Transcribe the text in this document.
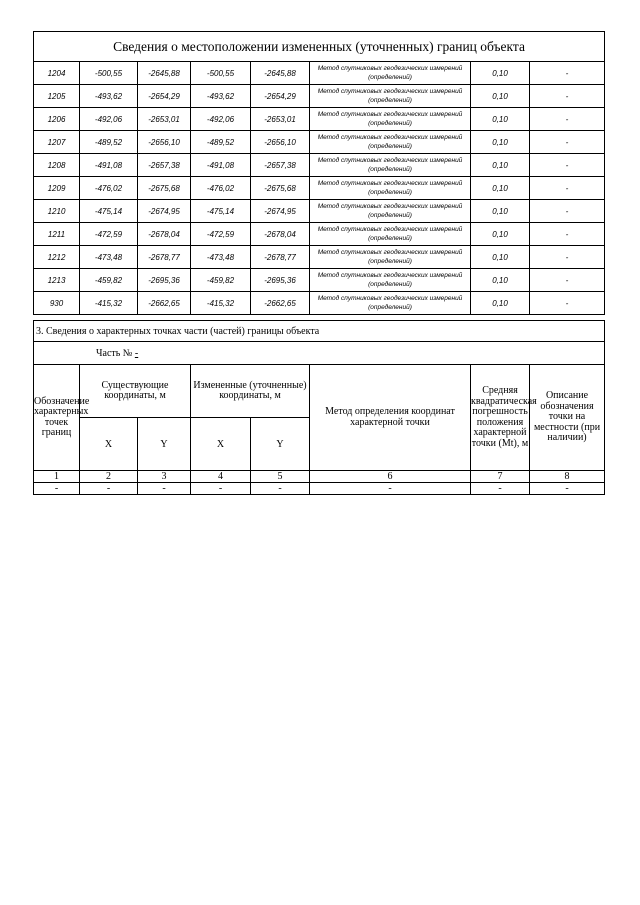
Сведения о местоположении измененных (уточненных) границ объекта							
1204	-500,55	-2645,88	-500,55	-2645,88	Метод спутниковых геодезических измерений (определений)	0,10	-
1205	-493,62	-2654,29	-493,62	-2654,29	Метод спутниковых геодезических измерений (определений)	0,10	-
1206	-492,06	-2653,01	-492,06	-2653,01	Метод спутниковых геодезических измерений (определений)	0,10	-
1207	-489,52	-2656,10	-489,52	-2656,10	Метод спутниковых геодезических измерений (определений)	0,10	-
1208	-491,08	-2657,38	-491,08	-2657,38	Метод спутниковых геодезических измерений (определений)	0,10	-
1209	-476,02	-2675,68	-476,02	-2675,68	Метод спутниковых геодезических измерений (определений)	0,10	-
1210	-475,14	-2674,95	-475,14	-2674,95	Метод спутниковых геодезических измерений (определений)	0,10	-
1211	-472,59	-2678,04	-472,59	-2678,04	Метод спутниковых геодезических измерений (определений)	0,10	-
1212	-473,48	-2678,77	-473,48	-2678,77	Метод спутниковых геодезических измерений (определений)	0,10	-
1213	-459,82	-2695,36	-459,82	-2695,36	Метод спутниковых геодезических измерений (определений)	0,10	-
930	-415,32	-2662,65	-415,32	-2662,65	Метод спутниковых геодезических измерений (определений)	0,10	-
3. Сведения о характерных точках части (частей) границы объекта							
Часть № -							
Обозначение характерных точек границ	Существующие координаты, м		Измененные (уточненные) координаты, м		Метод определения координат характерной точки	Средняя квадратическая погрешность положения характерной точки (Mt), м	Описание обозначения точки на местности (при наличии)
	X	Y	X	Y			
1	2	3	4	5	6	7	8
-	-	-	-	-	-	-	-
